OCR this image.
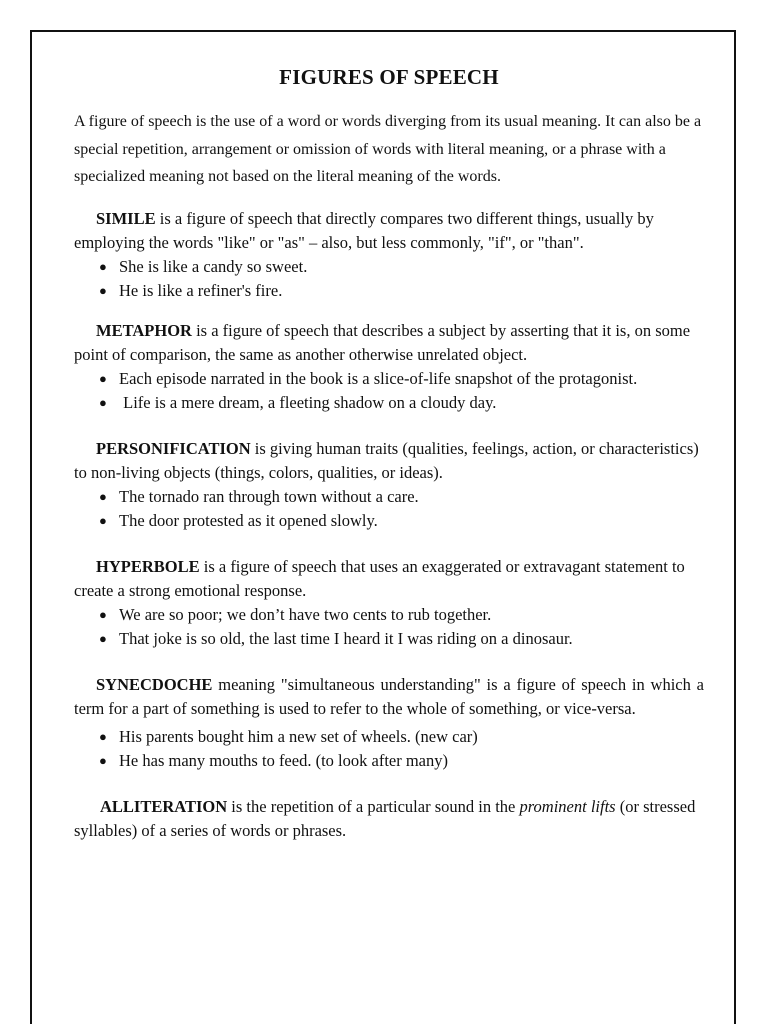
FIGURES OF SPEECH

A figure of speech is the use of a word or words diverging from its usual meaning. It can also be a special repetition, arrangement or omission of words with literal meaning, or a phrase with a specialized meaning not based on the literal meaning of the words.

SIMILE is a figure of speech that directly compares two different things, usually by employing the words "like" or "as" – also, but less commonly, "if", or "than".

● She is like a candy so sweet.
● He is like a refiner's fire.

METAPHOR is a figure of speech that describes a subject by asserting that it is, on some point of comparison, the same as another otherwise unrelated object.

● Each episode narrated in the book is a slice-of-life snapshot of the protagonist.
● Life is a mere dream, a fleeting shadow on a cloudy day.

PERSONIFICATION is giving human traits (qualities, feelings, action, or characteristics) to non-living objects (things, colors, qualities, or ideas).

● The tornado ran through town without a care.
● The door protested as it opened slowly.

HYPERBOLE is a figure of speech that uses an exaggerated or extravagant statement to create a strong emotional response.

● We are so poor; we don’t have two cents to rub together.
● That joke is so old, the last time I heard it I was riding on a dinosaur.

SYNECDOCHE meaning "simultaneous understanding" is a figure of speech in which a term for a part of something is used to refer to the whole of something, or vice-versa.

● His parents bought him a new set of wheels. (new car)
● He has many mouths to feed. (to look after many)

ALLITERATION is the repetition of a particular sound in the prominent lifts (or stressed syllables) of a series of words or phrases.
